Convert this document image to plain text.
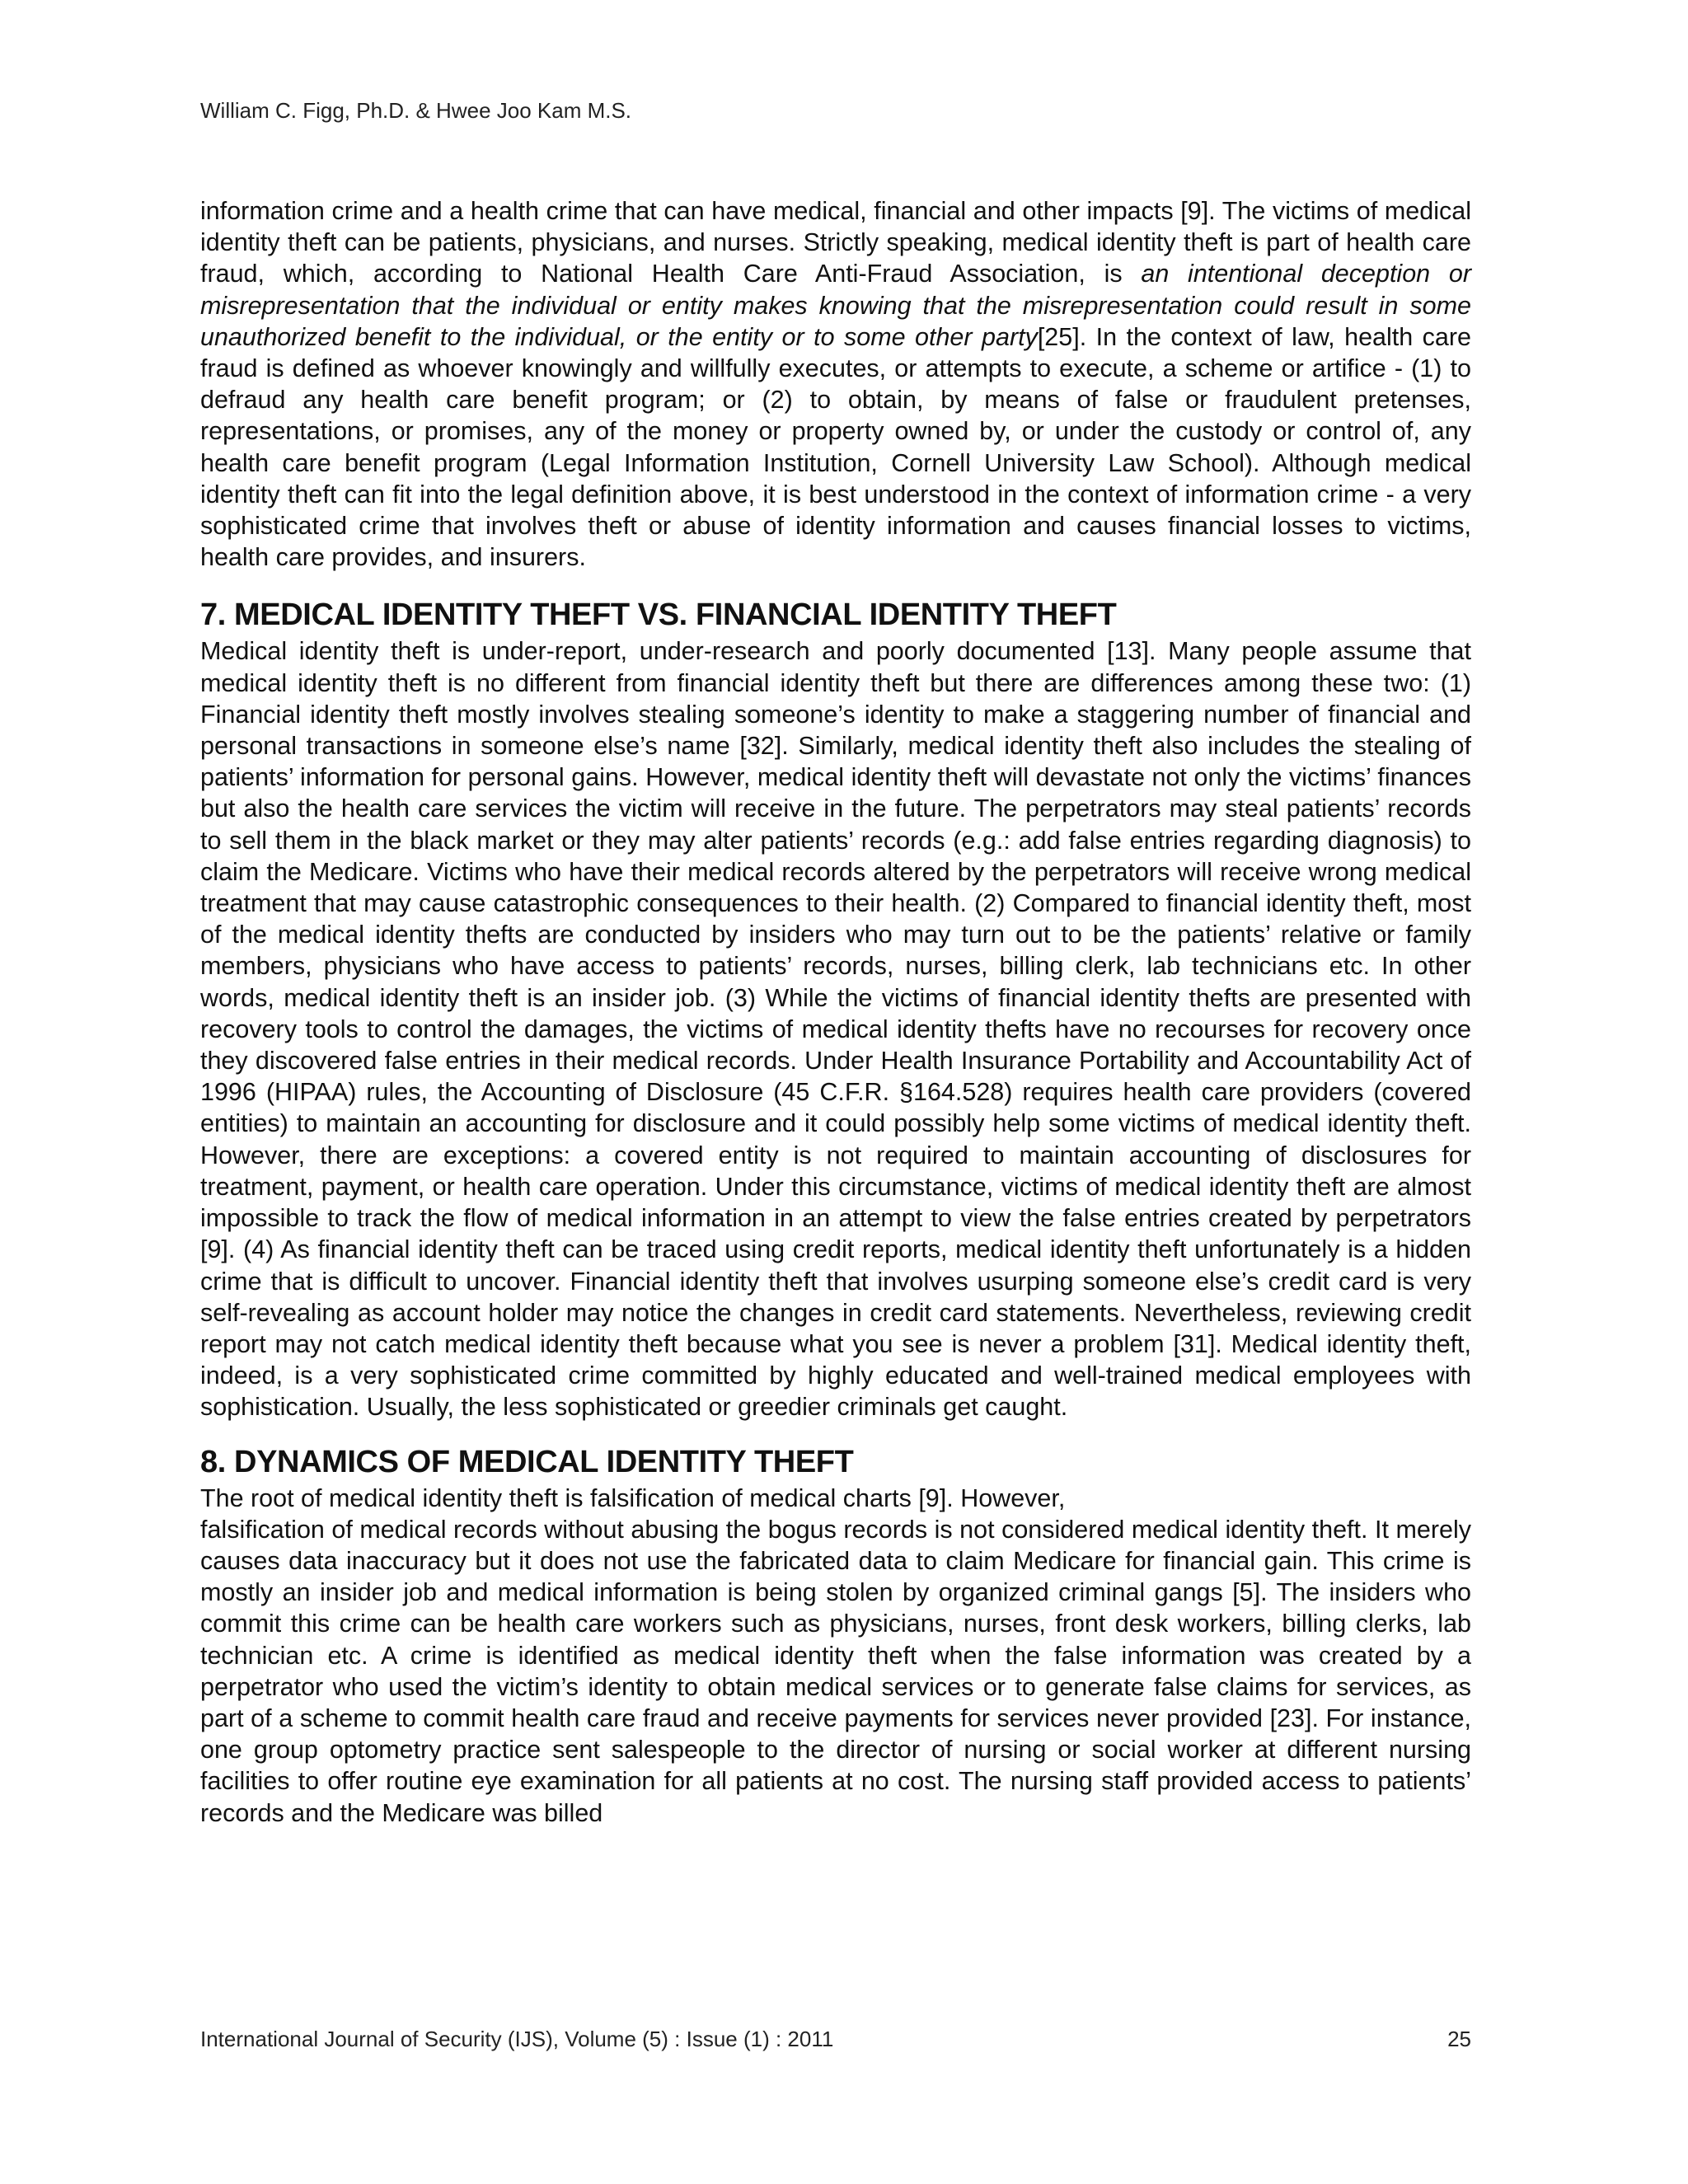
William C. Figg, Ph.D. & Hwee Joo Kam M.S.

information crime and a health crime that can have medical, financial and other impacts [9]. The victims of medical identity theft can be patients, physicians, and nurses. Strictly speaking, medical identity theft is part of health care fraud, which, according to National Health Care Anti-Fraud Association, is an intentional deception or misrepresentation that the individual or entity makes knowing that the misrepresentation could result in some unauthorized benefit to the individual, or the entity or to some other party[25]. In the context of law, health care fraud is defined as whoever knowingly and willfully executes, or attempts to execute, a scheme or artifice - (1) to defraud any health care benefit program; or (2) to obtain, by means of false or fraudulent pretenses, representations, or promises, any of the money or property owned by, or under the custody or control of, any health care benefit program (Legal Information Institution, Cornell University Law School). Although medical identity theft can fit into the legal definition above, it is best understood in the context of information crime - a very sophisticated crime that involves theft or abuse of identity information and causes financial losses to victims, health care provides, and insurers.

7. MEDICAL IDENTITY THEFT VS. FINANCIAL IDENTITY THEFT

Medical identity theft is under-report, under-research and poorly documented [13]. Many people assume that medical identity theft is no different from financial identity theft but there are differences among these two: (1) Financial identity theft mostly involves stealing someone’s identity to make a staggering number of financial and personal transactions in someone else’s name [32]. Similarly, medical identity theft also includes the stealing of patients’ information for personal gains. However, medical identity theft will devastate not only the victims’ finances but also the health care services the victim will receive in the future. The perpetrators may steal patients’ records to sell them in the black market or they may alter patients’ records (e.g.: add false entries regarding diagnosis) to claim the Medicare. Victims who have their medical records altered by the perpetrators will receive wrong medical treatment that may cause catastrophic consequences to their health. (2) Compared to financial identity theft, most of the medical identity thefts are conducted by insiders who may turn out to be the patients’ relative or family members, physicians who have access to patients’ records, nurses, billing clerk, lab technicians etc. In other words, medical identity theft is an insider job. (3) While the victims of financial identity thefts are presented with recovery tools to control the damages, the victims of medical identity thefts have no recourses for recovery once they discovered false entries in their medical records. Under Health Insurance Portability and Accountability Act of 1996 (HIPAA) rules, the Accounting of Disclosure (45 C.F.R. §164.528) requires health care providers (covered entities) to maintain an accounting for disclosure and it could possibly help some victims of medical identity theft. However, there are exceptions: a covered entity is not required to maintain accounting of disclosures for treatment, payment, or health care operation. Under this circumstance, victims of medical identity theft are almost impossible to track the flow of medical information in an attempt to view the false entries created by perpetrators [9]. (4) As financial identity theft can be traced using credit reports, medical identity theft unfortunately is a hidden crime that is difficult to uncover. Financial identity theft that involves usurping someone else’s credit card is very self-revealing as account holder may notice the changes in credit card statements. Nevertheless, reviewing credit report may not catch medical identity theft because what you see is never a problem [31]. Medical identity theft, indeed, is a very sophisticated crime committed by highly educated and well-trained medical employees with sophistication. Usually, the less sophisticated or greedier criminals get caught.

8. DYNAMICS OF MEDICAL IDENTITY THEFT
The root of medical identity theft is falsification of medical charts [9]. However,

falsification of medical records without abusing the bogus records is not considered medical identity theft. It merely causes data inaccuracy but it does not use the fabricated data to claim Medicare for financial gain. This crime is mostly an insider job and medical information is being stolen by organized criminal gangs [5]. The insiders who commit this crime can be health care workers such as physicians, nurses, front desk workers, billing clerks, lab technician etc. A crime is identified as medical identity theft when the false information was created by a perpetrator who used the victim’s identity to obtain medical services or to generate false claims for services, as part of a scheme to commit health care fraud and receive payments for services never provided [23]. For instance, one group optometry practice sent salespeople to the director of nursing or social worker at different nursing facilities to offer routine eye examination for all patients at no cost. The nursing staff provided access to patients’ records and the Medicare was billed

International Journal of Security (IJS), Volume (5) : Issue (1) : 2011	25
